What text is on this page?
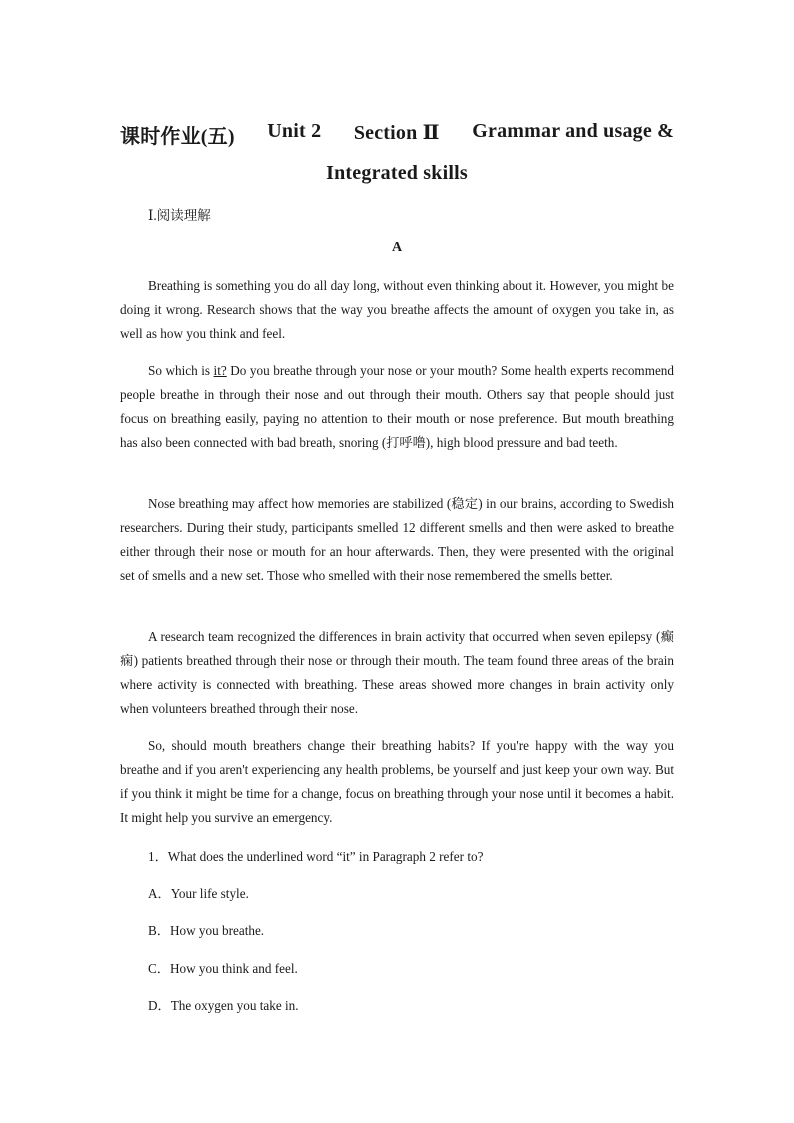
课时作业(五) Unit 2 Section Ⅱ Grammar and usage &
Integrated skills
Ⅰ.阅读理解
A

Breathing is something you do all day long, without even thinking about it. However, you might be doing it wrong. Research shows that the way you breathe affects the amount of oxygen you take in, as well as how you think and feel.

So which is it? Do you breathe through your nose or your mouth? Some health experts recommend people breathe in through their nose and out through their mouth. Others say that people should just focus on breathing easily, paying no attention to their mouth or nose preference. But mouth breathing has also been connected with bad breath, snoring (打呼噜), high blood pressure and bad teeth.

Nose breathing may affect how memories are stabilized (稳定) in our brains, according to Swedish researchers. During their study, participants smelled 12 different smells and then were asked to breathe either through their nose or mouth for an hour afterwards. Then, they were presented with the original set of smells and a new set. Those who smelled with their nose remembered the smells better.

A research team recognized the differences in brain activity that occurred when seven epilepsy (癫痫) patients breathed through their nose or through their mouth. The team found three areas of the brain where activity is connected with breathing. These areas showed more changes in brain activity only when volunteers breathed through their nose.

So, should mouth breathers change their breathing habits? If you're happy with the way you breathe and if you aren't experiencing any health problems, be yourself and just keep your own way. But if you think it might be time for a change, focus on breathing through your nose until it becomes a habit. It might help you survive an emergency.

1．What does the underlined word “it” in Paragraph 2 refer to?
A．Your life style.
B．How you breathe.
C．How you think and feel.
D．The oxygen you take in.
